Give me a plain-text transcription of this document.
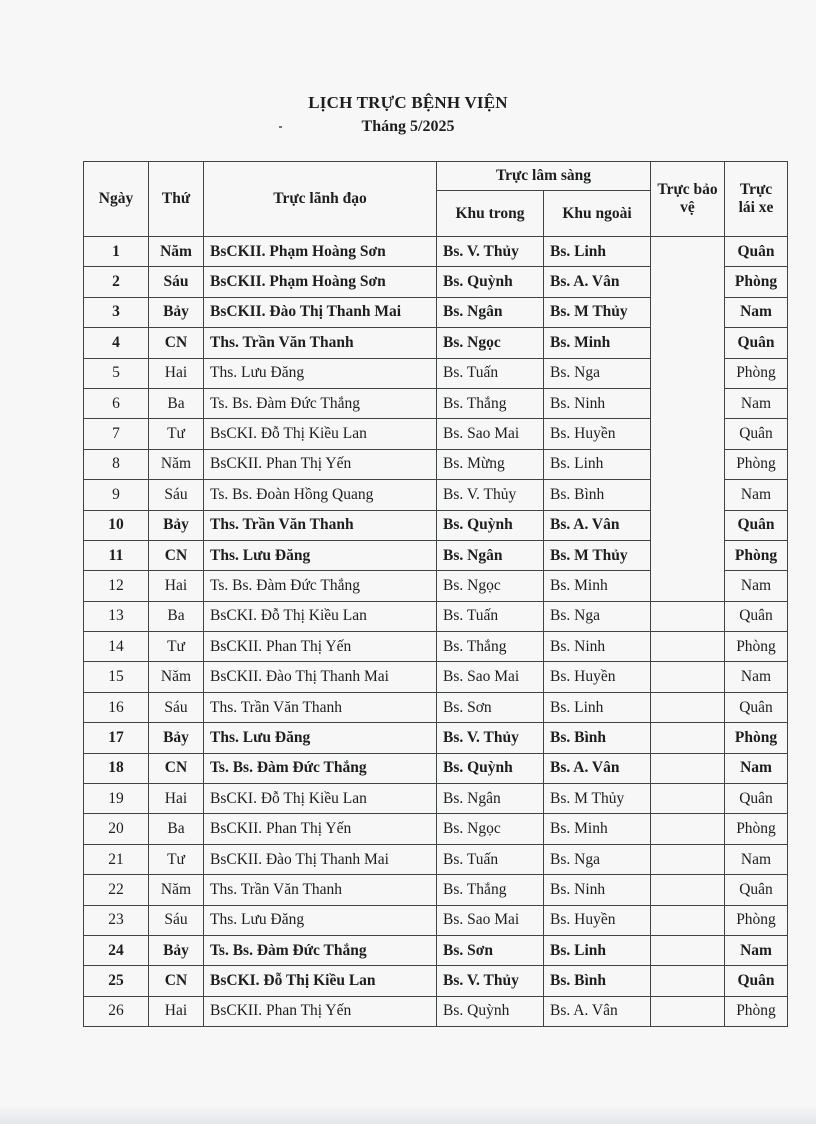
LỊCH TRỰC BỆNH VIỆN
Tháng 5/2025
Ngày	Thứ	Trực lãnh đạo	Trực lâm sàng		Trực bảo vệ	Trực lái xe
			Khu trong	Khu ngoài		
1	Năm	BsCKII. Phạm Hoàng Sơn	Bs. V. Thủy	Bs. Linh		Quân
2	Sáu	BsCKII. Phạm Hoàng Sơn	Bs. Quỳnh	Bs. A. Vân		Phòng
3	Bảy	BsCKII. Đào Thị Thanh Mai	Bs. Ngân	Bs. M Thủy		Nam
4	CN	Ths. Trần Văn Thanh	Bs. Ngọc	Bs. Minh		Quân
5	Hai	Ths. Lưu Đăng	Bs. Tuấn	Bs. Nga		Phòng
6	Ba	Ts. Bs. Đàm Đức Thắng	Bs. Thắng	Bs. Ninh		Nam
7	Tư	BsCKI. Đỗ Thị Kiều Lan	Bs. Sao Mai	Bs. Huyền		Quân
8	Năm	BsCKII. Phan Thị Yến	Bs. Mừng	Bs. Linh		Phòng
9	Sáu	Ts. Bs. Đoàn Hồng Quang	Bs. V. Thủy	Bs. Bình		Nam
10	Bảy	Ths. Trần Văn Thanh	Bs. Quỳnh	Bs. A. Vân		Quân
11	CN	Ths. Lưu Đăng	Bs. Ngân	Bs. M Thủy		Phòng
12	Hai	Ts. Bs. Đàm Đức Thắng	Bs. Ngọc	Bs. Minh		Nam
13	Ba	BsCKI. Đỗ Thị Kiều Lan	Bs. Tuấn	Bs. Nga		Quân
14	Tư	BsCKII. Phan Thị Yến	Bs. Thắng	Bs. Ninh		Phòng
15	Năm	BsCKII. Đào Thị Thanh Mai	Bs. Sao Mai	Bs. Huyền		Nam
16	Sáu	Ths. Trần Văn Thanh	Bs. Sơn	Bs. Linh		Quân
17	Bảy	Ths. Lưu Đăng	Bs. V. Thủy	Bs. Bình		Phòng
18	CN	Ts. Bs. Đàm Đức Thắng	Bs. Quỳnh	Bs. A. Vân		Nam
19	Hai	BsCKI. Đỗ Thị Kiều Lan	Bs. Ngân	Bs. M Thủy		Quân
20	Ba	BsCKII. Phan Thị Yến	Bs. Ngọc	Bs. Minh		Phòng
21	Tư	BsCKII. Đào Thị Thanh Mai	Bs. Tuấn	Bs. Nga		Nam
22	Năm	Ths. Trần Văn Thanh	Bs. Thắng	Bs. Ninh		Quân
23	Sáu	Ths. Lưu Đăng	Bs. Sao Mai	Bs. Huyền		Phòng
24	Bảy	Ts. Bs. Đàm Đức Thắng	Bs. Sơn	Bs. Linh		Nam
25	CN	BsCKI. Đỗ Thị Kiều Lan	Bs. V. Thủy	Bs. Bình		Quân
26	Hai	BsCKII. Phan Thị Yến	Bs. Quỳnh	Bs. A. Vân		Phòng
